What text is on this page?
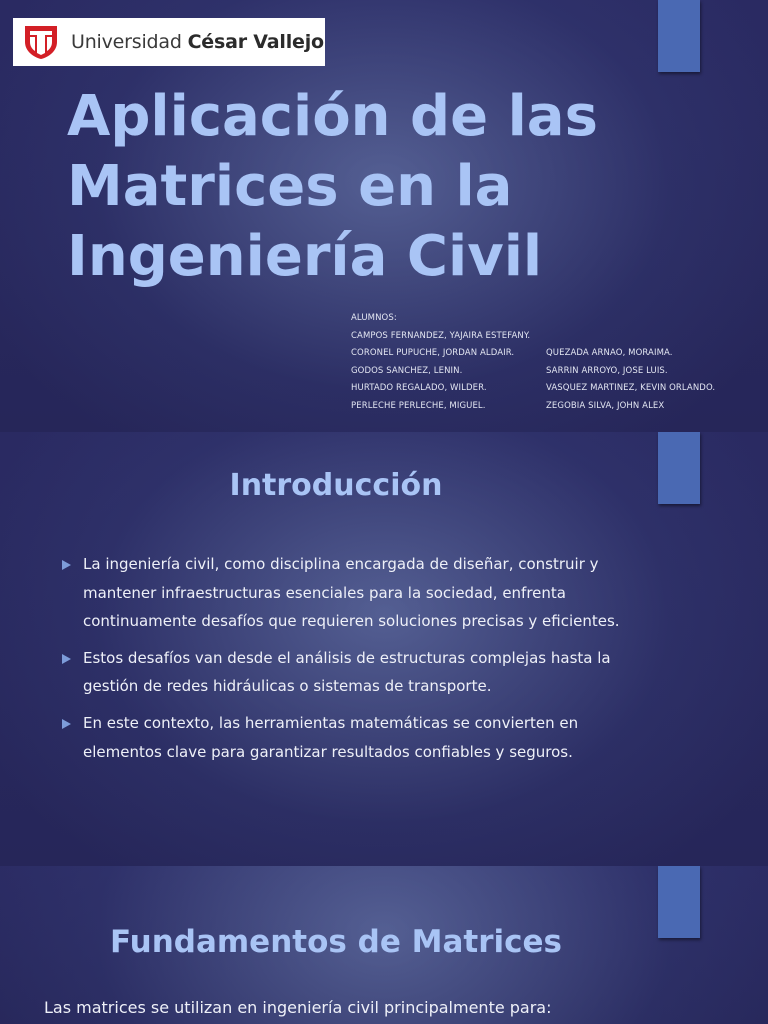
Universidad César Vallejo
Aplicación de las Matrices en la Ingeniería Civil
ALUMNOS:
CAMPOS FERNANDEZ, YAJAIRA ESTEFANY.
CORONEL PUPUCHE, JORDAN ALDAIR.	QUEZADA ARNAO, MORAIMA.
GODOS SANCHEZ, LENIN.	SARRIN ARROYO, JOSE LUIS.
HURTADO REGALADO, WILDER.	VASQUEZ MARTINEZ, KEVIN ORLANDO.
PERLECHE PERLECHE, MIGUEL.	ZEGOBIA SILVA, JOHN ALEX
Introducción
La ingeniería civil, como disciplina encargada de diseñar, construir y mantener infraestructuras esenciales para la sociedad, enfrenta continuamente desafíos que requieren soluciones precisas y eficientes.
Estos desafíos van desde el análisis de estructuras complejas hasta la gestión de redes hidráulicas o sistemas de transporte.
En este contexto, las herramientas matemáticas se convierten en elementos clave para garantizar resultados confiables y seguros.
Fundamentos de Matrices

Las matrices se utilizan en ingeniería civil principalmente para:
